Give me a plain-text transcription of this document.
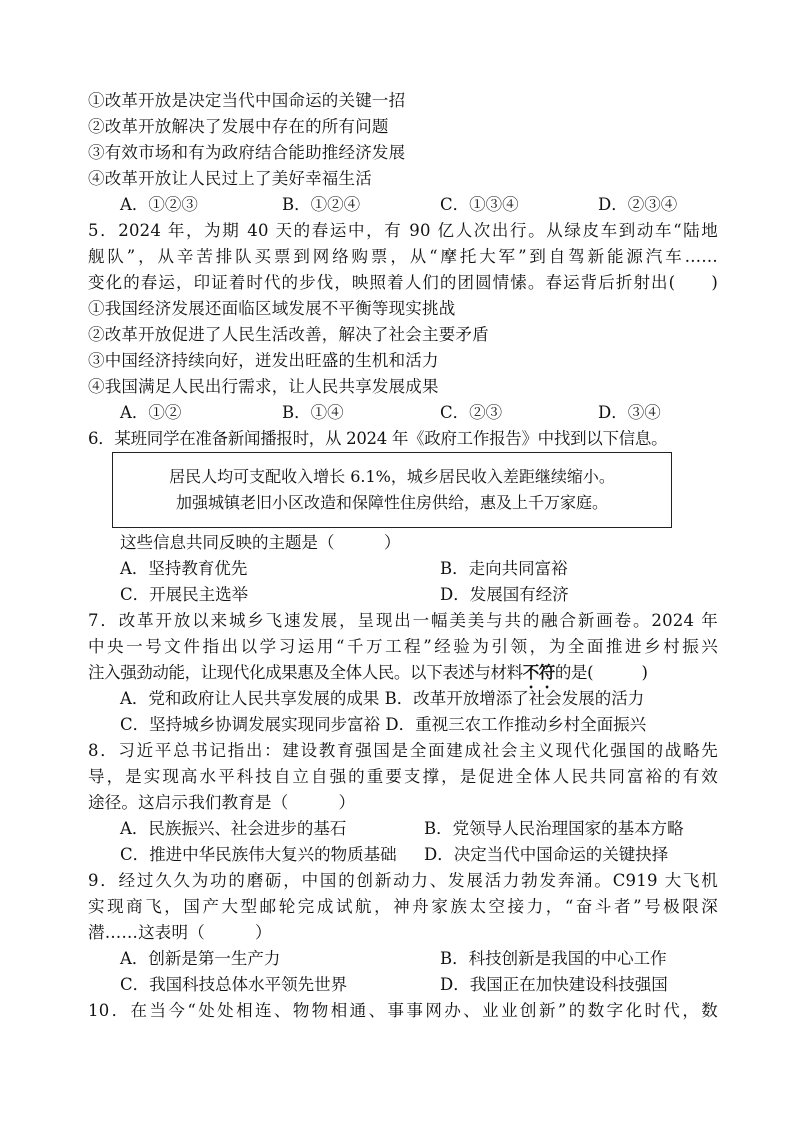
①改革开放是决定当代中国命运的关键一招
②改革开放解决了发展中存在的所有问题
③有效市场和有为政府结合能助推经济发展
④改革开放让人民过上了美好幸福生活
A．①②③	B．①②④	C．①③④	D．②③④
5．2024 年，为期 40 天的春运中，有 90 亿人次出行。从绿皮车到动车“陆地
舰队”，从辛苦排队买票到网络购票，从“摩托大军”到自驾新能源汽车……
变化的春运，印证着时代的步伐，映照着人们的团圆情愫。春运背后折射出(　　)
①我国经济发展还面临区域发展不平衡等现实挑战
②改革开放促进了人民生活改善，解决了社会主要矛盾
③中国经济持续向好，迸发出旺盛的生机和活力
④我国满足人民出行需求，让人民共享发展成果
A．①②	B．①④	C．②③	D．③④
6．某班同学在准备新闻播报时，从 2024 年《政府工作报告》中找到以下信息。
居民人均可支配收入增长 6.1%，城乡居民收入差距继续缩小。
加强城镇老旧小区改造和保障性住房供给，惠及上千万家庭。
这些信息共同反映的主题是（　　　）
A．坚持教育优先	B．走向共同富裕
C．开展民主选举	D．发展国有经济
7．改革开放以来城乡飞速发展，呈现出一幅美美与共的融合新画卷。2024 年
中央一号文件指出以学习运用“千万工程”经验为引领，为全面推进乡村振兴
注入强劲动能，让现代化成果惠及全体人民。以下表述与材料不符的是(　　　)
A．党和政府让人民共享发展的成果 B．改革开放增添了社会发展的活力
C．坚持城乡协调发展实现同步富裕 D．重视三农工作推动乡村全面振兴
8．习近平总书记指出：建设教育强国是全面建成社会主义现代化强国的战略先
导，是实现高水平科技自立自强的重要支撑，是促进全体人民共同富裕的有效
途径。这启示我们教育是（　　　）
A．民族振兴、社会进步的基石	B．党领导人民治理国家的基本方略
C．推进中华民族伟大复兴的物质基础 D．决定当代中国命运的关键抉择
9．经过久久为功的磨砺，中国的创新动力、发展活力勃发奔涌。C919 大飞机
实现商飞，国产大型邮轮完成试航，神舟家族太空接力，“奋斗者”号极限深
潜……这表明（　　　）
A．创新是第一生产力	B．科技创新是我国的中心工作
C．我国科技总体水平领先世界	D．我国正在加快建设科技强国
10．在当今“处处相连、物物相通、事事网办、业业创新”的数字化时代，数
